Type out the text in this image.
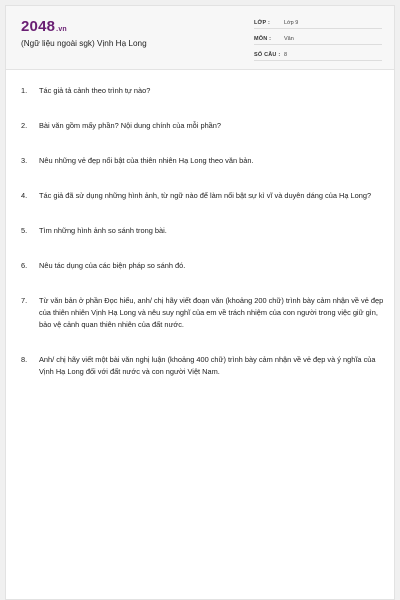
2048.vn
(Ngữ liệu ngoài sgk) Vịnh Hạ Long
LỚP :	Lớp 9
MÔN :	Văn
SỐ CÂU : 8
1.	Tác giả tả cảnh theo trình tự nào?
2.	Bài văn gồm mấy phần? Nội dung chính của mỗi phần?
3.	Nêu những vẻ đẹp nổi bật của thiên nhiên Hạ Long theo văn bản.
4.	Tác giả đã sử dụng những hình ảnh, từ ngữ nào để làm nổi bật sự kì vĩ và duyên dáng của Hạ Long?
5.	Tìm những hình ảnh so sánh trong bài.
6.	Nêu tác dụng của các biện pháp so sánh đó.
7.	Từ văn bản ở phần Đọc hiểu, anh/ chị hãy viết đoạn văn (khoảng 200 chữ) trình bày cảm nhận về vẻ đẹp của thiên nhiên Vịnh Hạ Long và nêu suy nghĩ của em về trách nhiệm của con người trong việc giữ gìn, bảo vệ cảnh quan thiên nhiên của đất nước.
8.	Anh/ chị hãy viết một bài văn nghị luận (khoảng 400 chữ) trình bày cảm nhận về vẻ đẹp và ý nghĩa của Vịnh Hạ Long đối với đất nước và con người Việt Nam.
